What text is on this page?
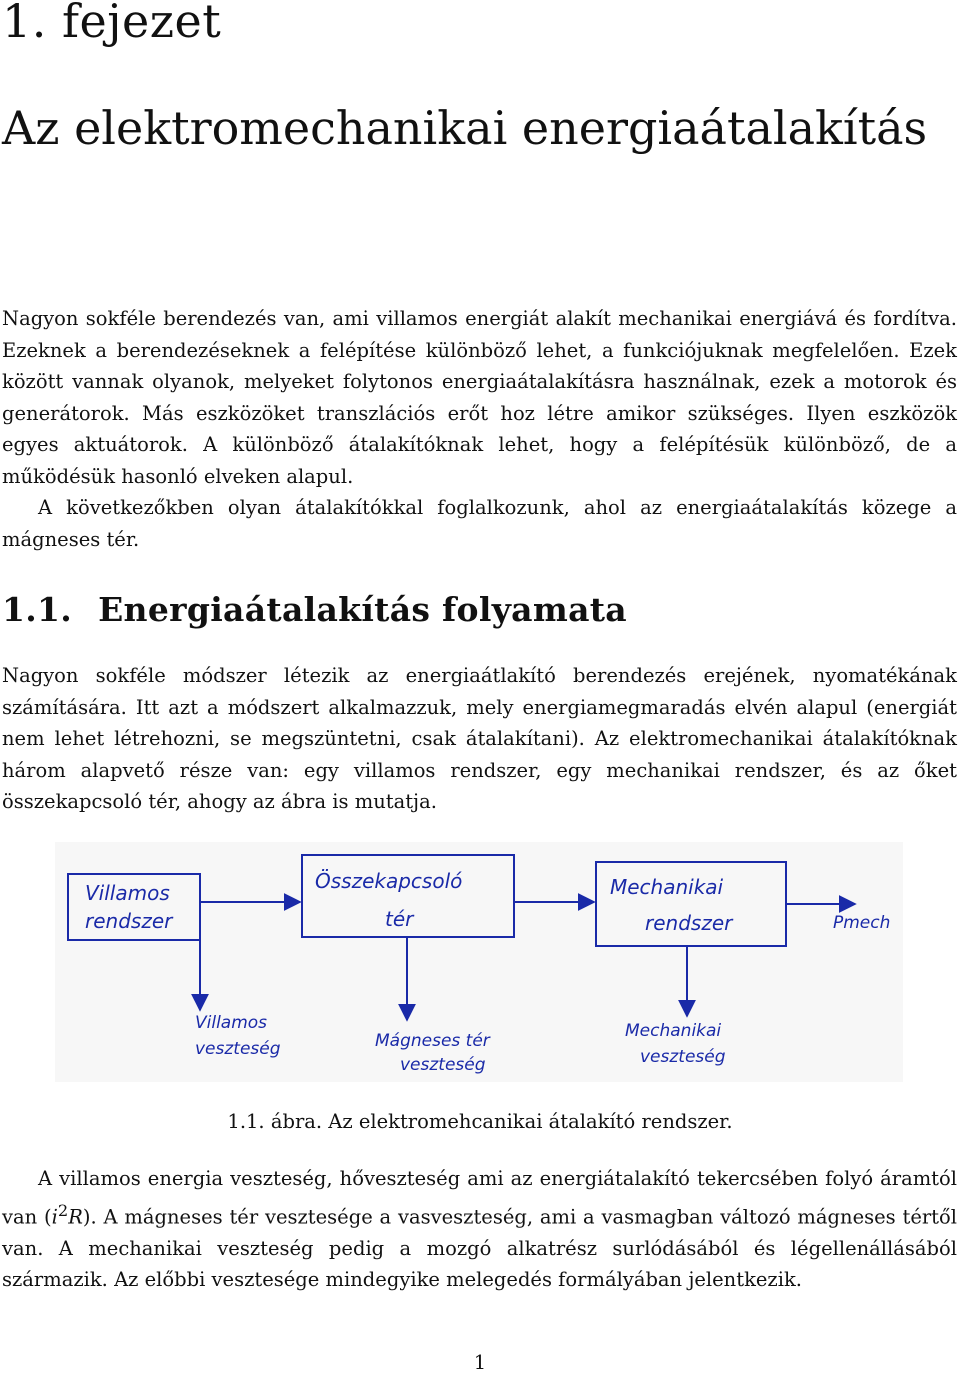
1. fejezet
Az elektromechanikai energiaátalakítás

Nagyon sokféle berendezés van, ami villamos energiát alakít mechanikai energiává és fordítva. Ezeknek a berendezéseknek a felépítése különböző lehet, a funkciójuknak megfelelően. Ezek között vannak olyanok, melyeket folytonos energiaátalakításra használnak, ezek a motorok és generátorok. Más eszközöket transzlációs erőt hoz létre amikor szükséges. Ilyen eszközök egyes aktuátorok. A különböző átalakítóknak lehet, hogy a felépítésük különböző, de a működésük hasonló elveken alapul.

A következőkben olyan átalakítókkal foglalkozunk, ahol az energiaátalakítás közege a mágneses tér.

1.1. Energiaátalakítás folyamata

Nagyon sokféle módszer létezik az energiaátlakító berendezés erejének, nyomatékának számítására. Itt azt a módszert alkalmazzuk, mely energiamegmaradás elvén alapul (energiát nem lehet létrehozni, se megszüntetni, csak átalakítani). Az elektromechanikai átalakítóknak három alapvető része van: egy villamos rendszer, egy mechanikai rendszer, és az őket összekapcsoló tér, ahogy az ábra is mutatja.

Villamos
rendszer
Összekapcsoló
tér
Mechanikai
rendszer	Pmech
Villamos
veszteség	Mágneses tér
veszteség
Mechanikai
veszteség

1.1. ábra. Az elektromehcanikai átalakító rendszer.

A villamos energia veszteség, hőveszteség ami az energiátalakító tekercsében folyó áramtól van $(i^2R)$. A mágneses tér vesztesége a vasveszteség, ami a vasmagban változó mágneses tértől van. A mechanikai veszteség pedig a mozgó alkatrész surlódásából és légellenállásából származik. Az előbbi vesztesége mindegyike melegedés formályában jelentkezik.

1
